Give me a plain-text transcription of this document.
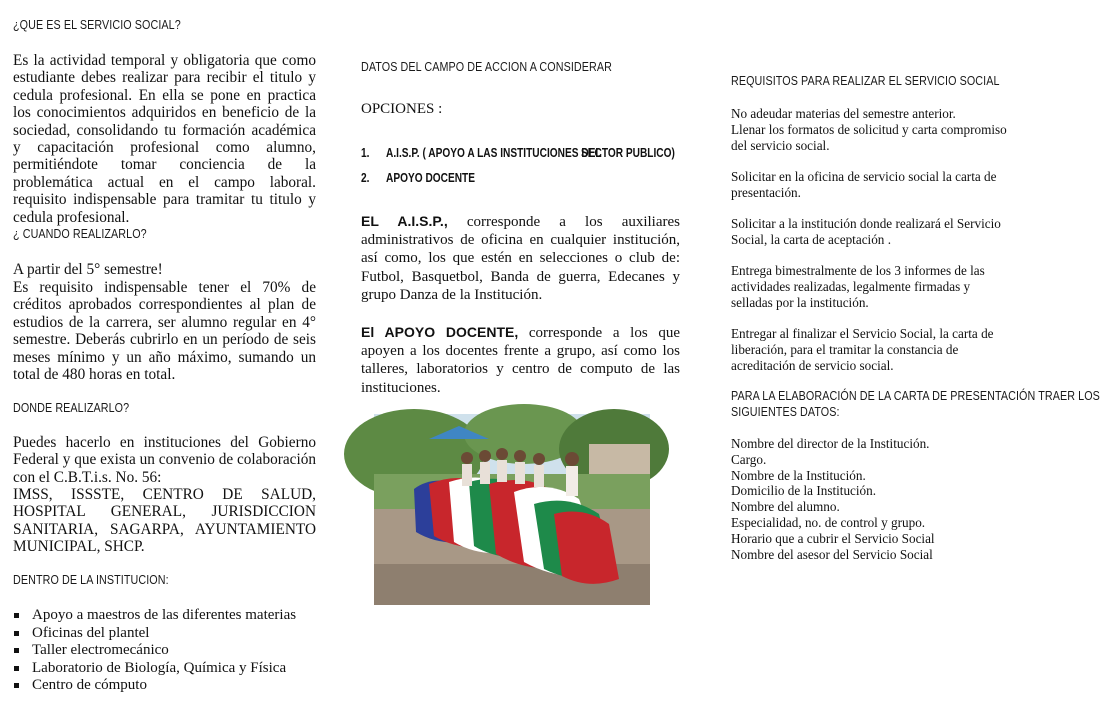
¿QUE ES EL SERVICIO SOCIAL?

Es la actividad temporal y obligatoria que como estudiante debes realizar para recibir el titulo y cedula profesional. En ella se pone en practica los conocimientos adquiridos en beneficio de la sociedad, consolidando tu formación académica y capacitación profesional como alumno, permitiéndote tomar conciencia de la problemática actual en el campo laboral. requisito indispensable para tramitar tu titulo y cedula profesional.

¿ CUANDO REALIZARLO?

A partir del 5° semestre!

Es requisito indispensable tener el 70% de créditos aprobados correspondientes al plan de estudios de la carrera, ser alumno regular en 4° semestre. Deberás cubrirlo en un período de seis meses mínimo y un año máximo, sumando un total de 480 horas en total.

DONDE REALIZARLO?

Puedes hacerlo en instituciones del Gobierno Federal y que exista un convenio de colaboración con el C.B.T.i.s. No. 56:

IMSS, ISSSTE, CENTRO DE SALUD, HOSPITAL GENERAL, JURISDICCION SANITARIA, SAGARPA, AYUNTAMIENTO MUNICIPAL, SHCP.

DENTRO DE LA INSTITUCION:
Apoyo a maestros de las diferentes materias
Oficinas del plantel
Taller electromecánico
Laboratorio de Biología, Química y Física
Centro de cómputo
DATOS DEL CAMPO DE ACCION A CONSIDERAR
OPCIONES :
1. A.I.S.P. ( APOYO A LAS INSTITUCIONES DEL
SECTOR PUBLICO)
2. APOYO DOCENTE

EL A.I.S.P., corresponde a los auxiliares administrativos de oficina en cualquier institución, así como, los que estén en selecciones o club de: Futbol, Basquetbol, Banda de guerra, Edecanes y grupo Danza de la Institución.

El APOYO DOCENTE, corresponde a los que apoyen a los docentes frente a grupo, así como los talleres, laboratorios y centro de computo de las instituciones.

REQUISITOS PARA REALIZAR EL SERVICIO SOCIAL

No adeudar materias del semestre anterior.

Llenar los formatos de solicitud y carta compromiso del servicio social.

Solicitar en la oficina de servicio social la carta de presentación.

Solicitar a la institución donde realizará el Servicio Social, la carta de aceptación .

Entrega bimestralmente de los 3 informes de las actividades realizadas, legalmente firmadas y selladas por la institución.

Entregar al finalizar el Servicio Social, la carta de liberación, para el tramitar la constancia de acreditación de servicio social.

PARA LA ELABORACIÓN DE LA CARTA DE PRESENTACIÓN TRAER LOS
SIGUIENTES DATOS:

Nombre del director de la Institución.

Cargo.

Nombre de la Institución.

Domicilio de la Institución.

Nombre del alumno.

Especialidad, no. de control y grupo.

Horario que a cubrir el Servicio Social

Nombre del asesor del Servicio Social
